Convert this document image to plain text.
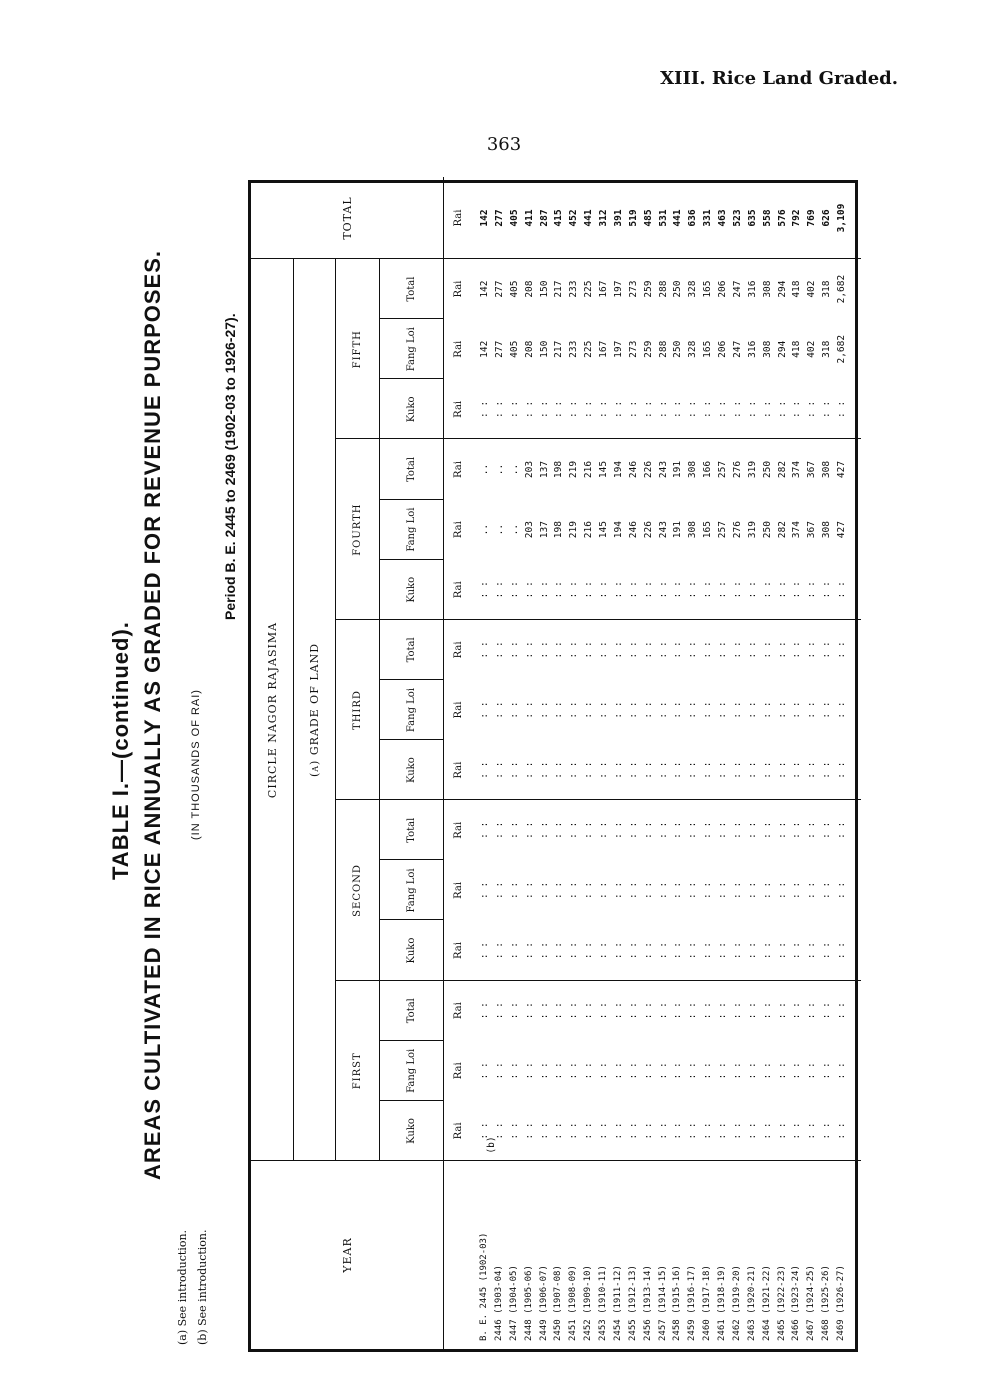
XIII. Rice Land Graded.
363
TABLE I.—(continued). AREAS CULTIVATED IN RICE ANNUALLY AS GRADED FOR REVENUE PURPOSES. (IN THOUSANDS OF RAI)
Period B. E. 2445 to 2469 (1902-03 to 1926-27).
YEAR
TOTAL
CIRCLE NAGOR RAJASIMA	(a) GRADE OF LAND
FIRST
Kuko
Fang Loi
Total
SECOND
Kuko
Fang Loi
Total
THIRD
Kuko
Fang Loi
Total
FOURTH
Kuko
Fang Loi
Total
FIFTH
Kuko
Fang Loi
Total
Rai
Rai
Rai
Rai
Rai
Rai
Rai
Rai
Rai
Rai
Rai
Rai
Rai
Rai
Rai
Rai
B. E. 2445 (1902-03)
: :
: :
: :
: :
: :
: :
: :
: :
: :
: :
..
..
: :
142
142
142
2446 (1903-04)
: :
: :
: :
: :
: :
: :
: :
: :
: :
: :
..
..
: :
277
277
277
2447 (1904-05)
: :
: :
: :
: :
: :
: :
: :
: :
: :
: :
..
..
: :
405
405
405
2448 (1905-06)
: :
: :
: :
: :
: :
: :
: :
: :
: :
: :
203
203
: :
208
208
411
2449 (1906-07)
: :
: :
: :
: :
: :
: :
: :
: :
: :
: :
137
137
: :
150
150
287
2450 (1907-08)
: :
: :
: :
: :
: :
: :
: :
: :
: :
: :
198
198
: :
217
217
415
2451 (1908-09)
: :
: :
: :
: :
: :
: :
: :
: :
: :
: :
219
219
: :
233
233
452
2452 (1909-10)
: :
: :
: :
: :
: :
: :
: :
: :
: :
: :
216
216
: :
225
225
441
2453 (1910-11)
: :
: :
: :
: :
: :
: :
: :
: :
: :
: :
145
145
: :
167
167
312
2454 (1911-12)
: :
: :
: :
: :
: :
: :
: :
: :
: :
: :
194
194
: :
197
197
391
2455 (1912-13)
: :
: :
: :
: :
: :
: :
: :
: :
: :
: :
246
246
: :
273
273
519
2456 (1913-14)
: :
: :
: :
: :
: :
: :
: :
: :
: :
: :
226
226
: :
259
259
485
2457 (1914-15)
: :
: :
: :
: :
: :
: :
: :
: :
: :
: :
243
243
: :
288
288
531
2458 (1915-16)
: :
: :
: :
: :
: :
: :
: :
: :
: :
: :
191
191
: :
250
250
441
2459 (1916-17)
: :
: :
: :
: :
: :
: :
: :
: :
: :
: :
308
308
: :
328
328
636
2460 (1917-18)
: :
: :
: :
: :
: :
: :
: :
: :
: :
: :
165
166
: :
165
165
331
2461 (1918-19)
: :
: :
: :
: :
: :
: :
: :
: :
: :
: :
257
257
: :
206
206
463
2462 (1919-20)
: :
: :
: :
: :
: :
: :
: :
: :
: :
: :
276
276
: :
247
247
523
2463 (1920-21)
: :
: :
: :
: :
: :
: :
: :
: :
: :
: :
319
319
: :
316
316
635
2464 (1921-22)
: :
: :
: :
: :
: :
: :
: :
: :
: :
: :
250
250
: :
308
308
558
2465 (1922-23)
: :
: :
: :
: :
: :
: :
: :
: :
: :
: :
282
282
: :
294
294
576
2466 (1923-24)
: :
: :
: :
: :
: :
: :
: :
: :
: :
: :
374
374
: :
418
418
792
2467 (1924-25)
: :
: :
: :
: :
: :
: :
: :
: :
: :
: :
367
367
: :
402
402
769
2468 (1925-26)
: :
: :
: :
: :
: :
: :
: :
: :
: :
: :
308
308
: :
318
318
626
2469 (1926-27)
: :
: :
: :
: :
: :
: :
: :
: :
: :
: :
427
427
: :
2,682
2,682
3,109
(b)
(a) See introduction. (b) See introduction.
